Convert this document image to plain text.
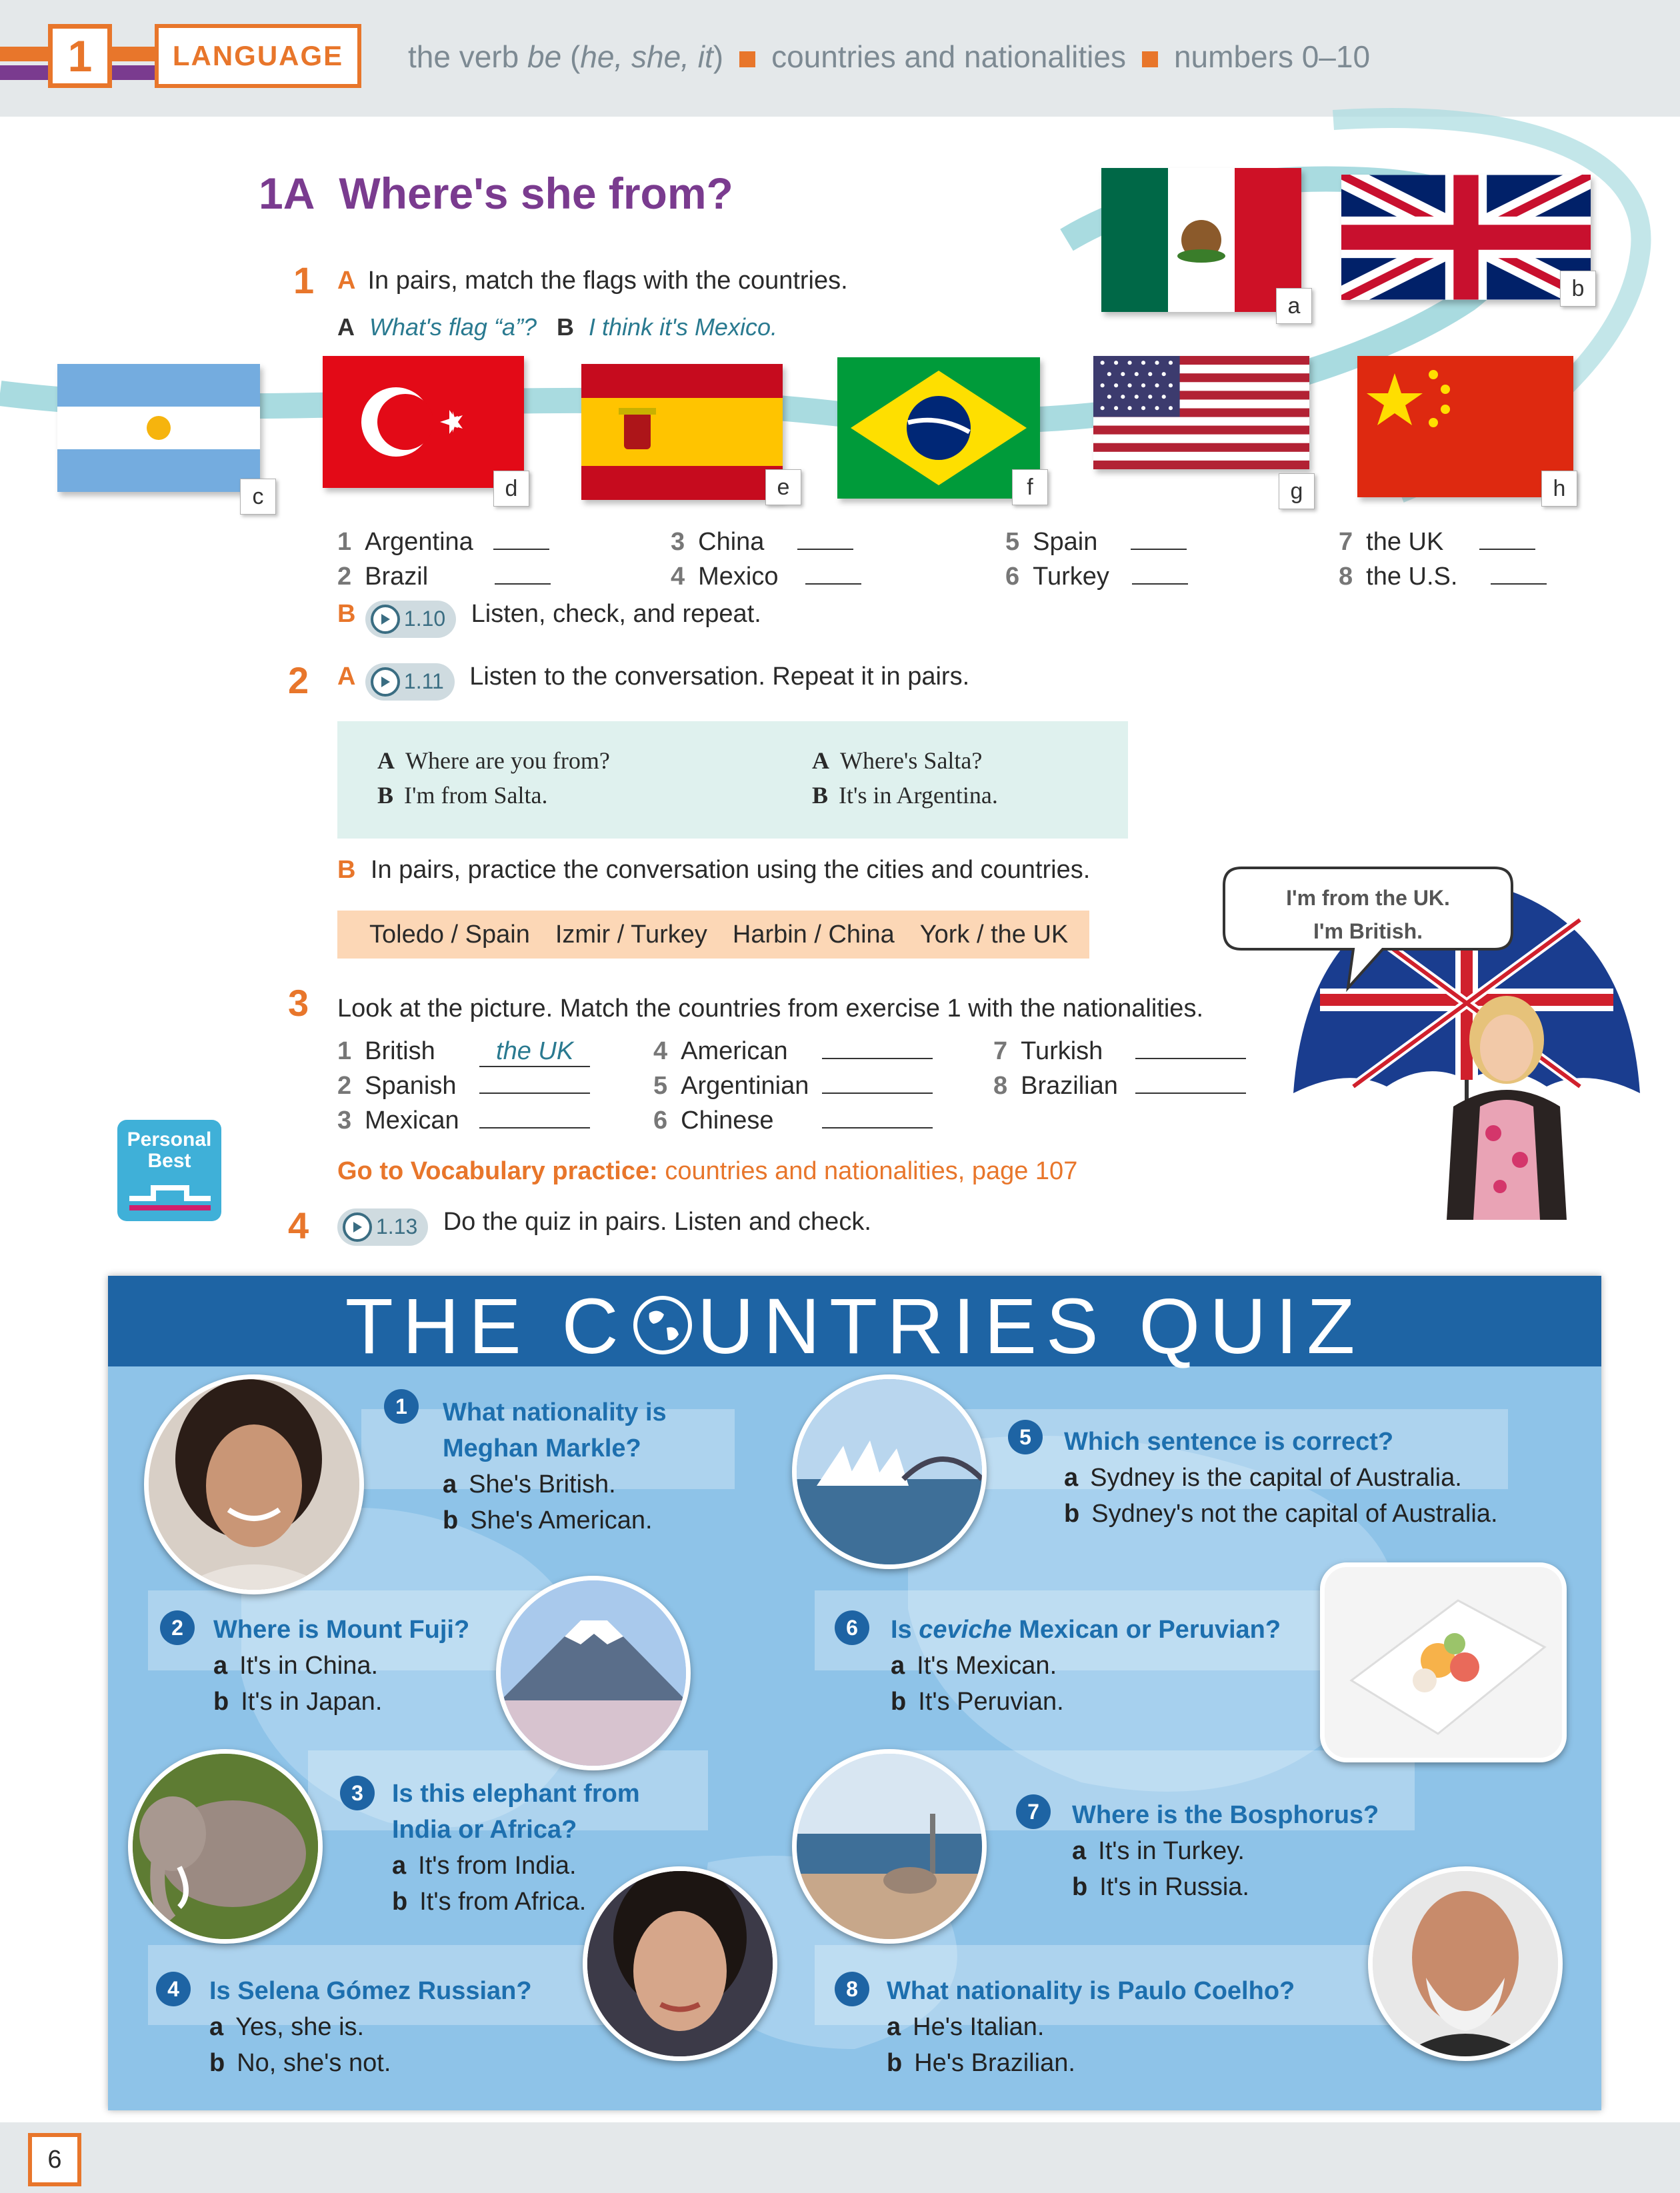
1	LANGUAGE	the verb be (he, she, it) countries and nationalities numbers 0–10
1A Where's she from?
1 A In pairs, match the flags with the countries.
A What's flag “a”? B I think it's Mexico.
a
b
c	d	e	f	g	h
1 Argentina
2 Brazil
3 China
4 Mexico
5 Spain
6 Turkey
7 the UK
8 the U.S.
B 1.10 Listen, check, and repeat.
2 A 1.11 Listen to the conversation. Repeat it in pairs.
A Where are you from?
B I'm from Salta.
A Where's Salta?
B It's in Argentina.
B In pairs, practice the conversation using the cities and countries.
Toledo / Spain Izmir / Turkey Harbin / China York / the UK
I'm from the UK.
I'm British.
3 Look at the picture. Match the countries from exercise 1 with the nationalities.
1 British the UK
2 Spanish
3 Mexican
4 American
5 Argentinian
6 Chinese
7 Turkish
8 Brazilian
Personal
Best	Go to Vocabulary practice: countries and nationalities, page 107
4	1.13 Do the quiz in pairs. Listen and check.
THE C UNTRIES QUIZ
1	What nationality is
Meghan Markle?
a She's British.
b She's American.
5	Which sentence is correct?
a Sydney is the capital of Australia.
b Sydney's not the capital of Australia.
2	Where is Mount Fuji?
a It's in China.
b It's in Japan.
6	Is ceviche Mexican or Peruvian?
a It's Mexican.
b It's Peruvian.
3	Is this elephant from
India or Africa?
a It's from India.
b It's from Africa.
7	Where is the Bosphorus?
a It's in Turkey.
b It's in Russia.
4	Is Selena Gómez Russian?
a Yes, she is.
b No, she's not.
8	What nationality is Paulo Coelho?
a He's Italian.
b He's Brazilian.
6
